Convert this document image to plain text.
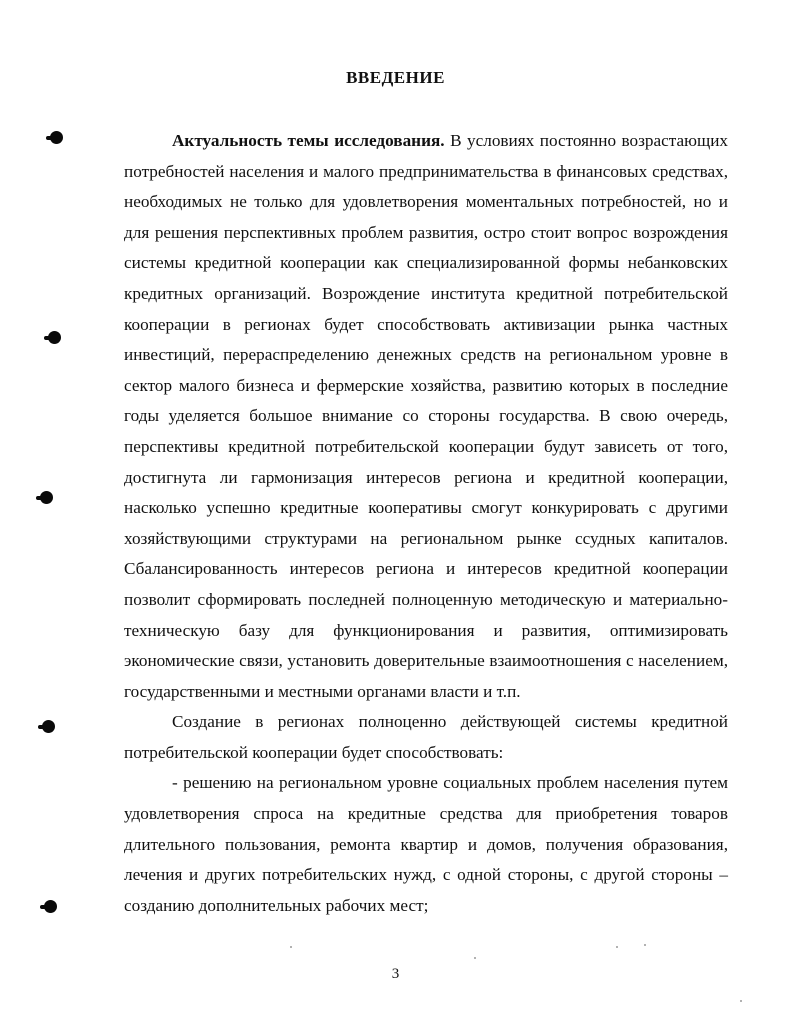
ВВЕДЕНИЕ

Актуальность темы исследования. В условиях постоянно возрастающих потребностей населения и малого предпринимательства в финансовых средствах, необходимых не только для удовлетворения моментальных потребностей, но и для решения перспективных проблем развития, остро стоит вопрос возрождения системы кредитной кооперации как специализированной формы небанковских кредитных организаций. Возрождение института кредитной потребительской кооперации в регионах будет способствовать активизации рынка частных инвестиций, перераспределению денежных средств на региональном уровне в сектор малого бизнеса и фермерские хозяйства, развитию которых в последние годы уделяется большое внимание со стороны государства. В свою очередь, перспективы кредитной потребительской кооперации будут зависеть от того, достигнута ли гармонизация интересов региона и кредитной кооперации, насколько успешно кредитные кооперативы смогут конкурировать с другими хозяйствующими структурами на региональном рынке ссудных капиталов. Сбалансированность интересов региона и интересов кредитной кооперации позволит сформировать последней полноценную методическую и материально-техническую базу для функционирования и развития, оптимизировать экономические связи, установить доверительные взаимоотношения с населением, государственными и местными органами власти и т.п.

Создание в регионах полноценно действующей системы кредитной потребительской кооперации будет способствовать:

- решению на региональном уровне социальных проблем населения путем удовлетворения спроса на кредитные средства для приобретения товаров длительного пользования, ремонта квартир и домов, получения образования, лечения и других потребительских нужд, с одной стороны, с другой стороны – созданию дополнительных рабочих мест;

3
